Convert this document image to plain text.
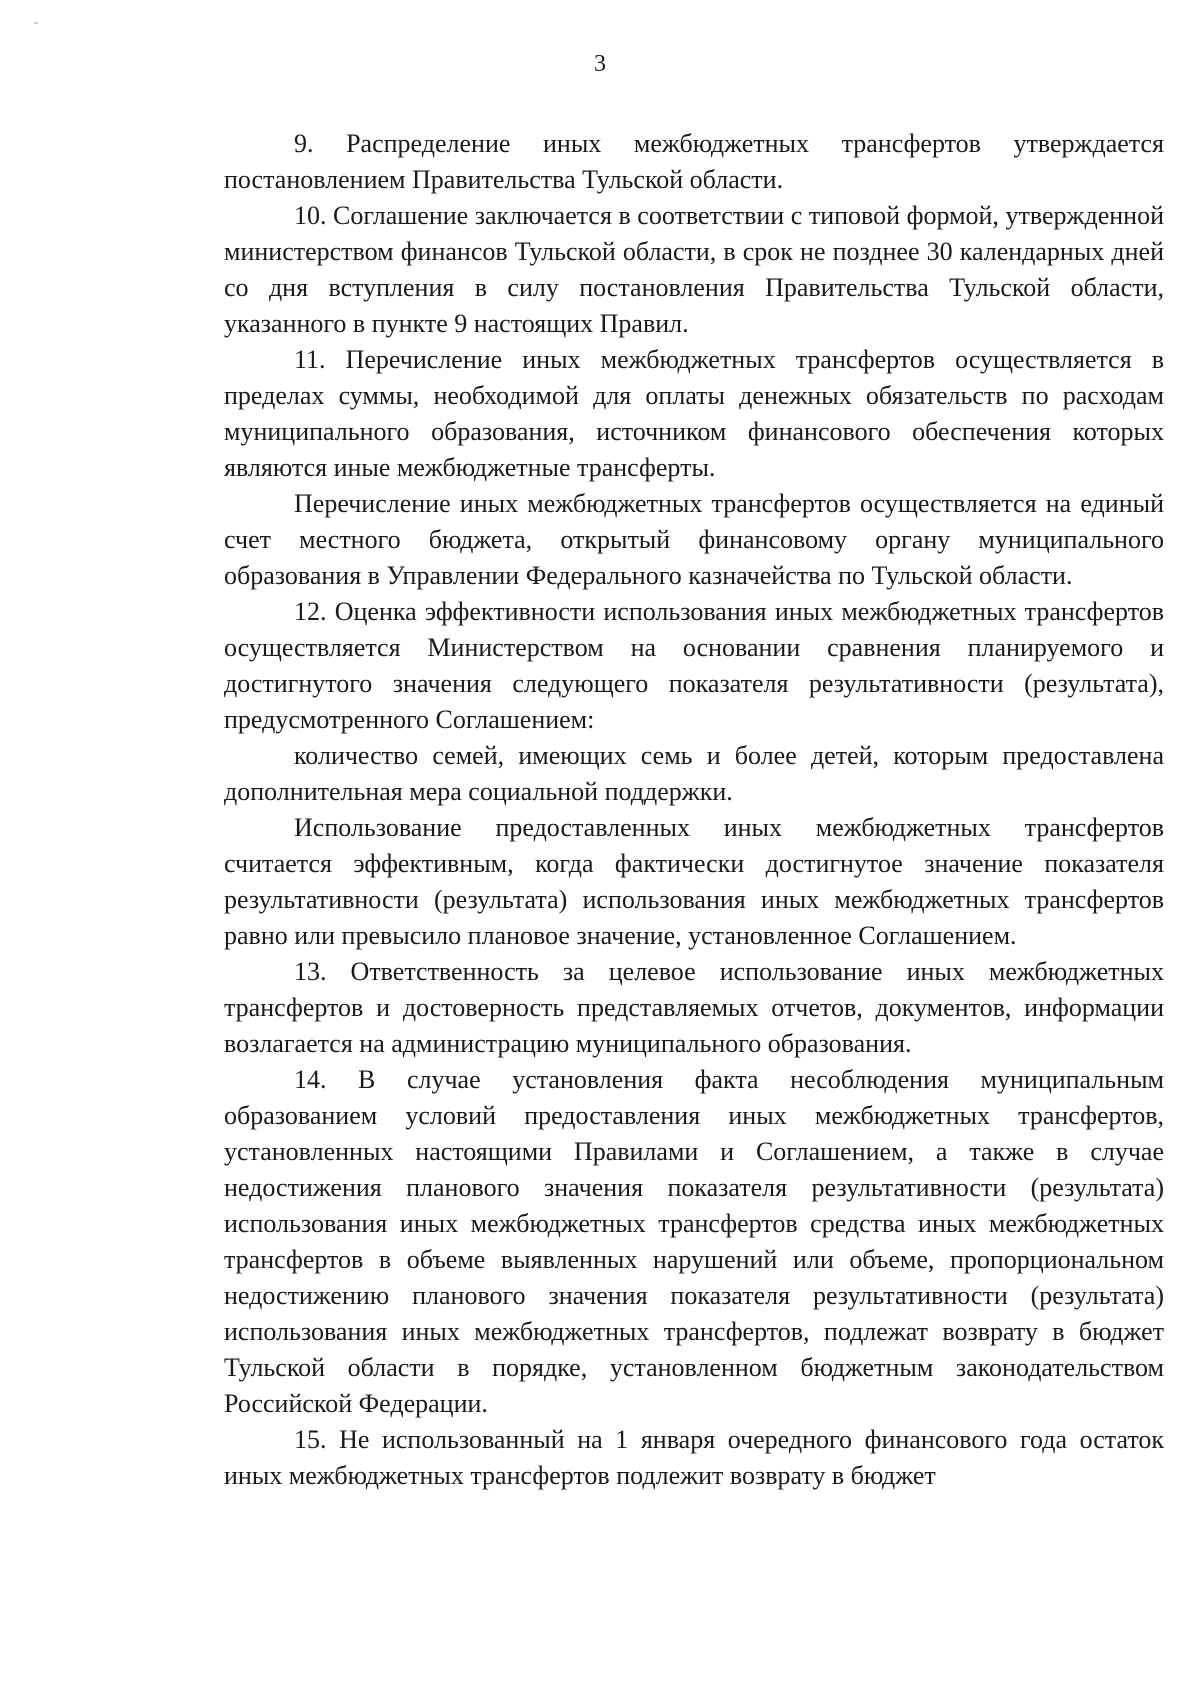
3

9. Распределение иных межбюджетных трансфертов утверждается постановлением Правительства Тульской области.

10. Соглашение заключается в соответствии с типовой формой, утвержденной министерством финансов Тульской области, в срок не позднее 30 календарных дней со дня вступления в силу постановления Правительства Тульской области, указанного в пункте 9 настоящих Правил.

11. Перечисление иных межбюджетных трансфертов осуществляется в пределах суммы, необходимой для оплаты денежных обязательств по расходам муниципального образования, источником финансового обеспечения которых являются иные межбюджетные трансферты.

Перечисление иных межбюджетных трансфертов осуществляется на единый счет местного бюджета, открытый финансовому органу муниципального образования в Управлении Федерального казначейства по Тульской области.

12. Оценка эффективности использования иных межбюджетных трансфертов осуществляется Министерством на основании сравнения планируемого и достигнутого значения следующего показателя результативности (результата), предусмотренного Соглашением:

количество семей, имеющих семь и более детей, которым предоставлена дополнительная мера социальной поддержки.

Использование предоставленных иных межбюджетных трансфертов считается эффективным, когда фактически достигнутое значение показателя результативности (результата) использования иных межбюджетных трансфертов равно или превысило плановое значение, установленное Соглашением.

13. Ответственность за целевое использование иных межбюджетных трансфертов и достоверность представляемых отчетов, документов, информации возлагается на администрацию муниципального образования.

14. В случае установления факта несоблюдения муниципальным образованием условий предоставления иных межбюджетных трансфертов, установленных настоящими Правилами и Соглашением, а также в случае недостижения планового значения показателя результативности (результата) использования иных межбюджетных трансфертов средства иных межбюджетных трансфертов в объеме выявленных нарушений или объеме, пропорциональном недостижению планового значения показателя результативности (результата) использования иных межбюджетных трансфертов, подлежат возврату в бюджет Тульской области в порядке, установленном бюджетным законодательством Российской Федерации.

15. Не использованный на 1 января очередного финансового года остаток иных межбюджетных трансфертов подлежит возврату в бюджет
